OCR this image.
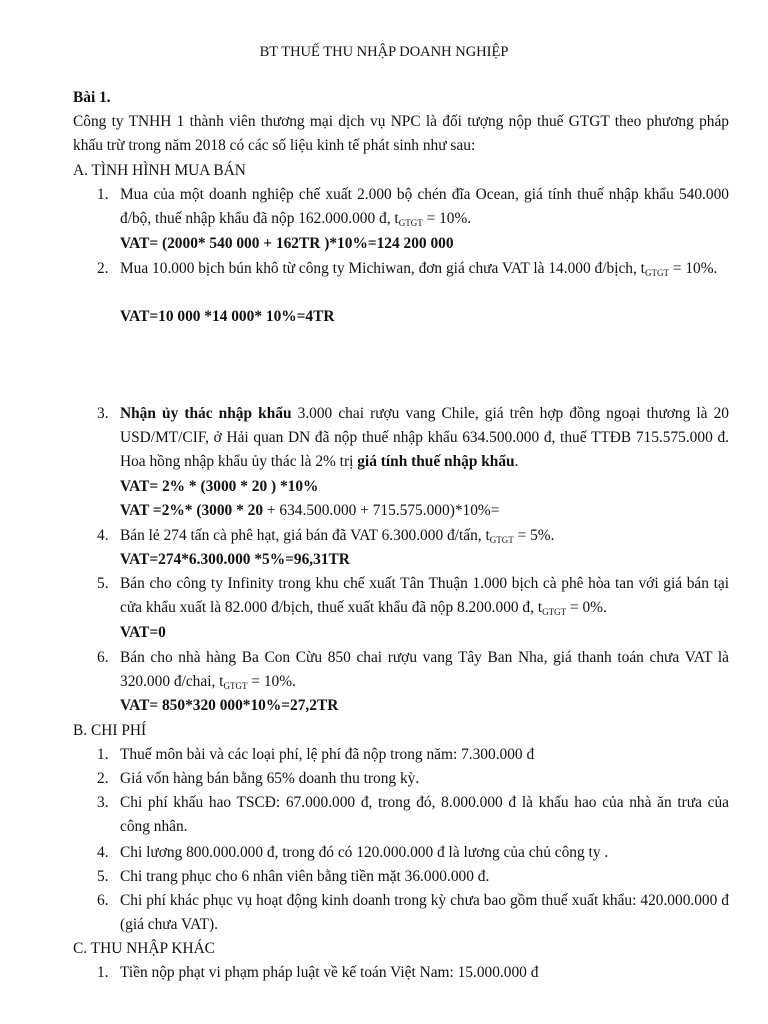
BT THUẾ THU NHẬP DOANH NGHIỆP
Bài 1.
Công ty TNHH 1 thành viên thương mại dịch vụ NPC là đối tượng nộp thuế GTGT theo phương pháp khấu trừ trong năm 2018 có các số liệu kinh tế phát sinh như sau:
A. TÌNH HÌNH MUA BÁN
1. Mua của một doanh nghiệp chế xuất 2.000 bộ chén đĩa Ocean, giá tính thuế nhập khẩu 540.000 đ/bộ, thuế nhập khẩu đã nộp 162.000.000 đ, $t_{GTGT} = 10\%$.
VAT= (2000* 540 000 + 162TR )*10%=124 200 000
2. Mua 10.000 bịch bún khô từ công ty Michiwan, đơn giá chưa VAT là 14.000 đ/bịch, $t_{GTGT} = 10\%$.
VAT=10 000 *14 000* 10%=4TR
3. Nhận ủy thác nhập khẩu 3.000 chai rượu vang Chile, giá trên hợp đồng ngoại thương là 20 USD/MT/CIF, ở Hải quan DN đã nộp thuế nhập khẩu 634.500.000 đ, thuế TTĐB 715.575.000 đ. Hoa hồng nhập khẩu ủy thác là 2% trị giá tính thuế nhập khẩu.
VAT= 2% * (3000 * 20 ) *10%
VAT =2%* (3000 * 20 + 634.500.000 + 715.575.000)*10%=
4. Bán lẻ 274 tấn cà phê hạt, giá bán đã VAT 6.300.000 đ/tấn, $t_{GTGT} = 5\%$.
VAT=274*6.300.000 *5%=96,31TR
5. Bán cho công ty Infinity trong khu chế xuất Tân Thuận 1.000 bịch cà phê hòa tan với giá bán tại cửa khẩu xuất là 82.000 đ/bịch, thuế xuất khẩu đã nộp 8.200.000 đ, $t_{GTGT} = 0\%$.
VAT=0
6. Bán cho nhà hàng Ba Con Cừu 850 chai rượu vang Tây Ban Nha, giá thanh toán chưa VAT là 320.000 đ/chai, $t_{GTGT} = 10\%$.
VAT= 850*320 000*10%=27,2TR
B. CHI PHÍ
1. Thuế môn bài và các loại phí, lệ phí đã nộp trong năm: 7.300.000 đ
2. Giá vốn hàng bán bằng 65% doanh thu trong kỳ.
3. Chi phí khấu hao TSCĐ: 67.000.000 đ, trong đó, 8.000.000 đ là khấu hao của nhà ăn trưa của công nhân.
4. Chi lương 800.000.000 đ, trong đó có 120.000.000 đ là lương của chủ công ty .
5. Chi trang phục cho 6 nhân viên bằng tiền mặt 36.000.000 đ.
6. Chi phí khác phục vụ hoạt động kinh doanh trong kỳ chưa bao gồm thuế xuất khẩu: 420.000.000 đ (giá chưa VAT).
C. THU NHẬP KHÁC
1. Tiền nộp phạt vi phạm pháp luật về kế toán Việt Nam: 15.000.000 đ
